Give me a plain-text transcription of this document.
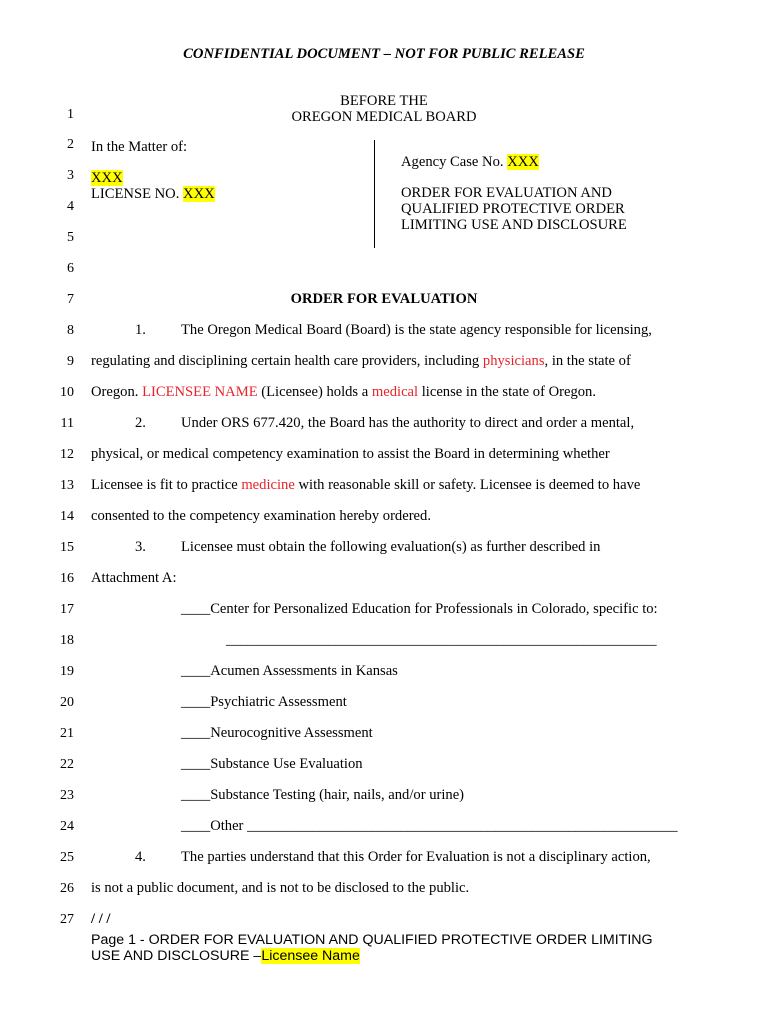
CONFIDENTIAL DOCUMENT – NOT FOR PUBLIC RELEASE
BEFORE THE
OREGON MEDICAL BOARD
1
2
3
4
5
6
7
8
9
10
11
12
13
14
15
16
17
18
19
20
21
22
23
24
25
26
27
In the Matter of:
XXX
LICENSE NO. XXX
Agency Case No. XXX
ORDER FOR EVALUATION AND
QUALIFIED PROTECTIVE ORDER
LIMITING USE AND DISCLOSURE
ORDER FOR EVALUATION
1. The Oregon Medical Board (Board) is the state agency responsible for licensing,
regulating and disciplining certain health care providers, including physicians, in the state of
Oregon. LICENSEE NAME (Licensee) holds a medical license in the state of Oregon.
2. Under ORS 677.420, the Board has the authority to direct and order a mental,
physical, or medical competency examination to assist the Board in determining whether
Licensee is fit to practice medicine with reasonable skill or safety. Licensee is deemed to have
consented to the competency examination hereby ordered.
3. Licensee must obtain the following evaluation(s) as further described in
Attachment A:
____Center for Personalized Education for Professionals in Colorado, specific to:
___________________________________________________________
____Acumen Assessments in Kansas
____Psychiatric Assessment
____Neurocognitive Assessment
____Substance Use Evaluation
____Substance Testing (hair, nails, and/or urine)
____Other ___________________________________________________________
4. The parties understand that this Order for Evaluation is not a disciplinary action,
is not a public document, and is not to be disclosed to the public.
/ / /
Page 1 - ORDER FOR EVALUATION AND QUALIFIED PROTECTIVE ORDER LIMITING
USE AND DISCLOSURE –Licensee Name
